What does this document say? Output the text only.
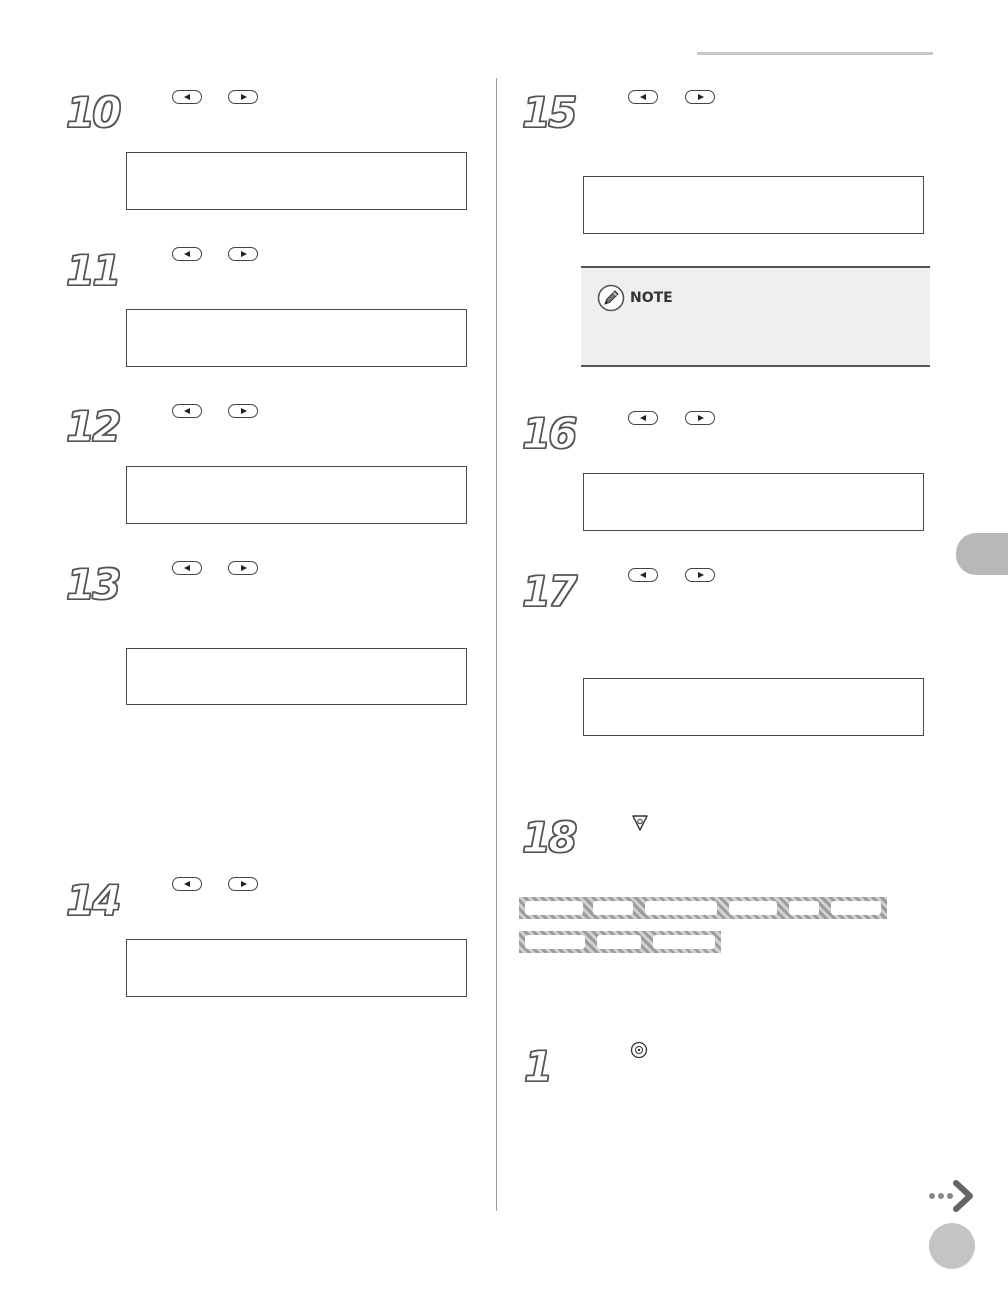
10
11
12
13
14
15
NOTE
16
17
18
1
